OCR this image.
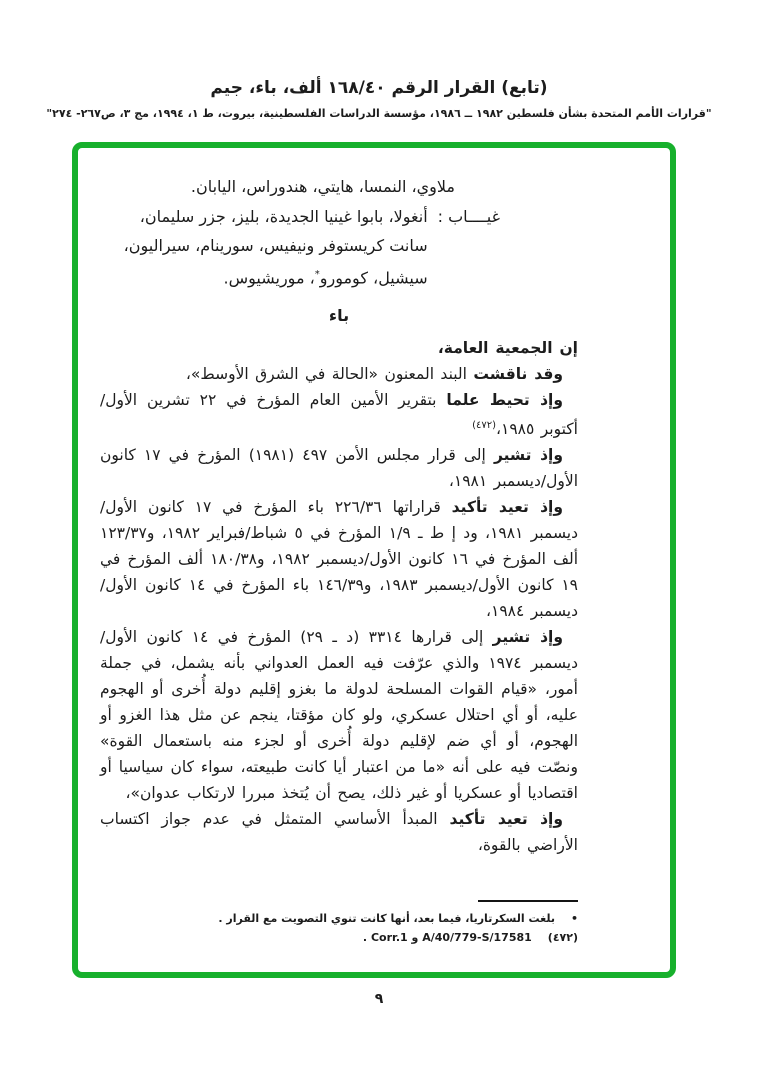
(تابع) القرار الرقم ١٦٨/٤٠ ألف، باء، جيم
"قرارات الأمم المتحدة بشأن فلسطين ١٩٨٢ ــ ١٩٨٦، مؤسسة الدراسات الفلسطينية، بيروت، ط ١، ١٩٩٤، مج ٣، ص٢٦٧- ٢٧٤"
ملاوي، النمسا، هايتي، هندوراس، اليابان.
غيــــاب :
أنغولا، بابوا غينيا الجديدة، بليز، جزر سليمان، سانت كريستوفر ونيفيس، سورينام، سيراليون، سيشيل، كومورو*، موريشيوس.
باء

إن الجمعية العامة،

وقد ناقشت البند المعنون «الحالة في الشرق الأوسط»،

وإذ تحيط علما بتقرير الأمين العام المؤرخ في ٢٢ تشرين الأول/ أكتوبر ١٩٨٥،$^{(٤٧٢)}$

وإذ تشير إلى قرار مجلس الأمن ٤٩٧ (١٩٨١) المؤرخ في ١٧ كانون الأول/ديسمبر ١٩٨١،

وإذ تعيد تأكيد قراراتها ٢٢٦/٣٦ باء المؤرخ في ١٧ كانون الأول/ديسمبر ١٩٨١، ود إ ط ـ ١/٩ المؤرخ في ٥ شباط/فبراير ١٩٨٢، و١٢٣/٣٧ ألف المؤرخ في ١٦ كانون الأول/ديسمبر ١٩٨٢، و١٨٠/٣٨ ألف المؤرخ في ١٩ كانون الأول/ديسمبر ١٩٨٣، و١٤٦/٣٩ باء المؤرخ في ١٤ كانون الأول/ديسمبر ١٩٨٤،

وإذ تشير إلى قرارها ٣٣١٤ (د ـ ٢٩) المؤرخ في ١٤ كانون الأول/ديسمبر ١٩٧٤ والذي عرّفت فيه العمل العدواني بأنه يشمل، في جملة أمور، «قيام القوات المسلحة لدولة ما بغزو إقليم دولة أُخرى أو الهجوم عليه، أو أي احتلال عسكري، ولو كان مؤقتا، ينجم عن مثل هذا الغزو أو الهجوم، أو أي ضم لإقليم دولة أُخرى أو لجزء منه باستعمال القوة» ونصّت فيه على أنه «ما من اعتبار أيا كانت طبيعته، سواء كان سياسيا أو اقتصاديا أو عسكريا أو غير ذلك، يصح أن يُتخذ مبررا لارتكاب عدوان»،

وإذ تعيد تأكيد المبدأ الأساسي المتمثل في عدم جواز اكتساب الأراضي بالقوة،

•
بلغت السكرتاريا، فيما بعد، أنها كانت تنوي التصويت مع القرار .
(٤٧٢)
A/40/779-S/17581 و Corr.1 .
٩
